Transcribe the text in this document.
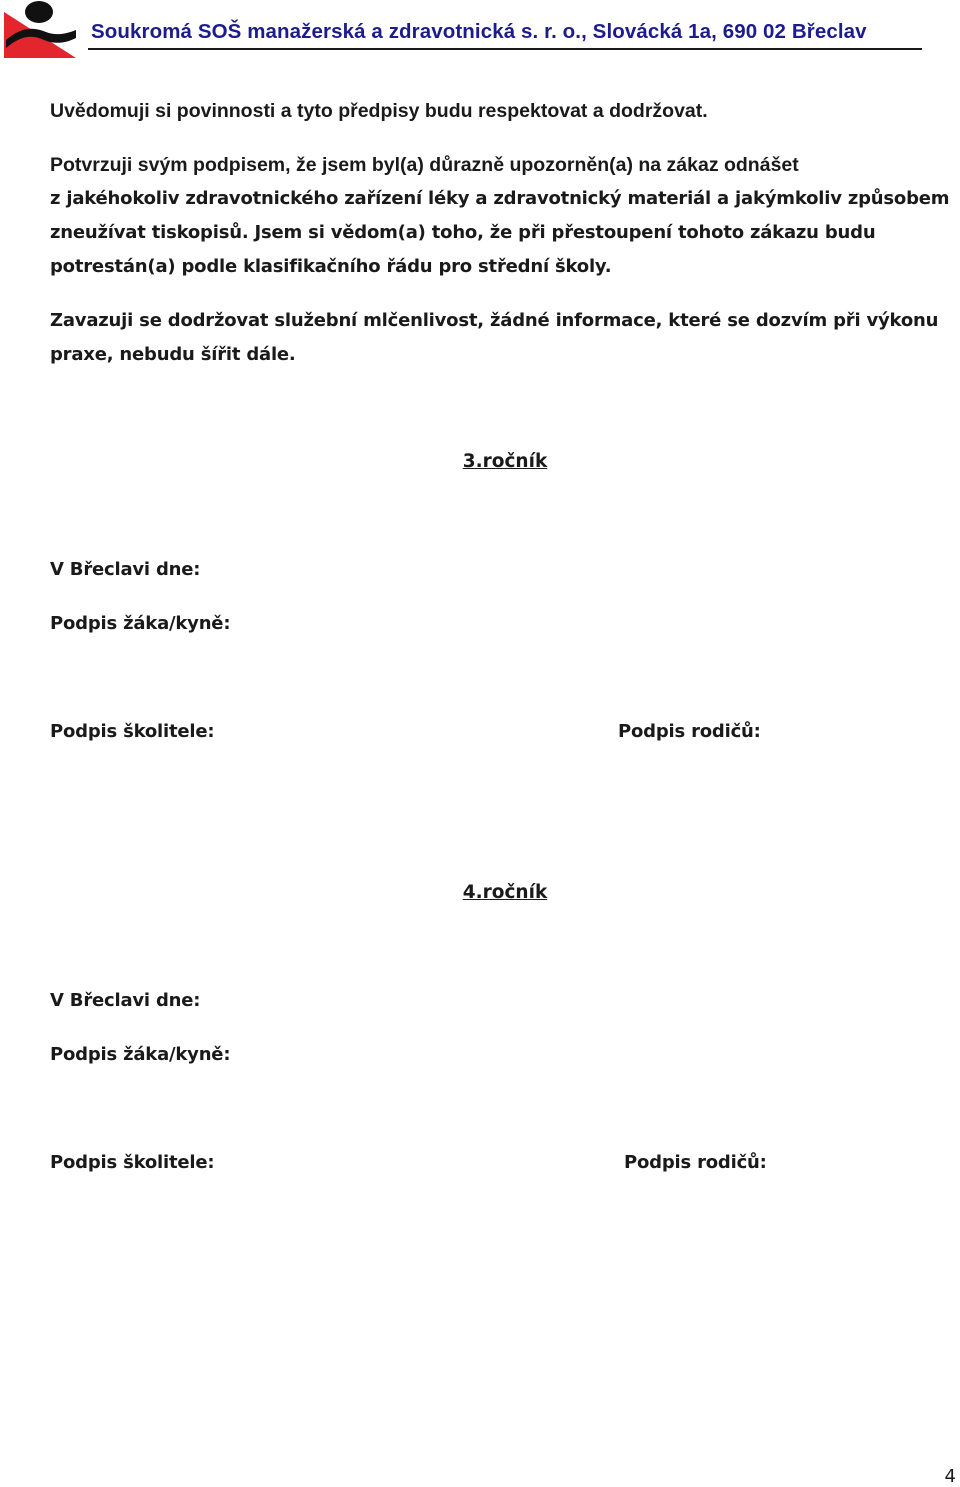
Soukromá SOŠ manažerská a zdravotnická s. r. o., Slovácká 1a, 690 02 Břeclav
Uvědomuji si povinnosti a tyto předpisy budu respektovat a dodržovat.
Potvrzuji svým podpisem, že jsem byl(a) důrazně upozorněn(a) na zákaz odnášet
z jakéhokoliv zdravotnického zařízení léky a zdravotnický materiál a jakýmkoliv způsobem
zneužívat tiskopisů. Jsem si vědom(a) toho, že při přestoupení tohoto zákazu budu
potrestán(a) podle klasifikačního řádu pro střední školy.
Zavazuji se dodržovat služební mlčenlivost, žádné informace, které se dozvím při výkonu
praxe, nebudu šířit dále.
3.ročník
V Břeclavi dne:
Podpis žáka/kyně:
Podpis školitele:	Podpis rodičů:
4.ročník
V Břeclavi dne:
Podpis žáka/kyně:
Podpis školitele:	Podpis rodičů:
4
